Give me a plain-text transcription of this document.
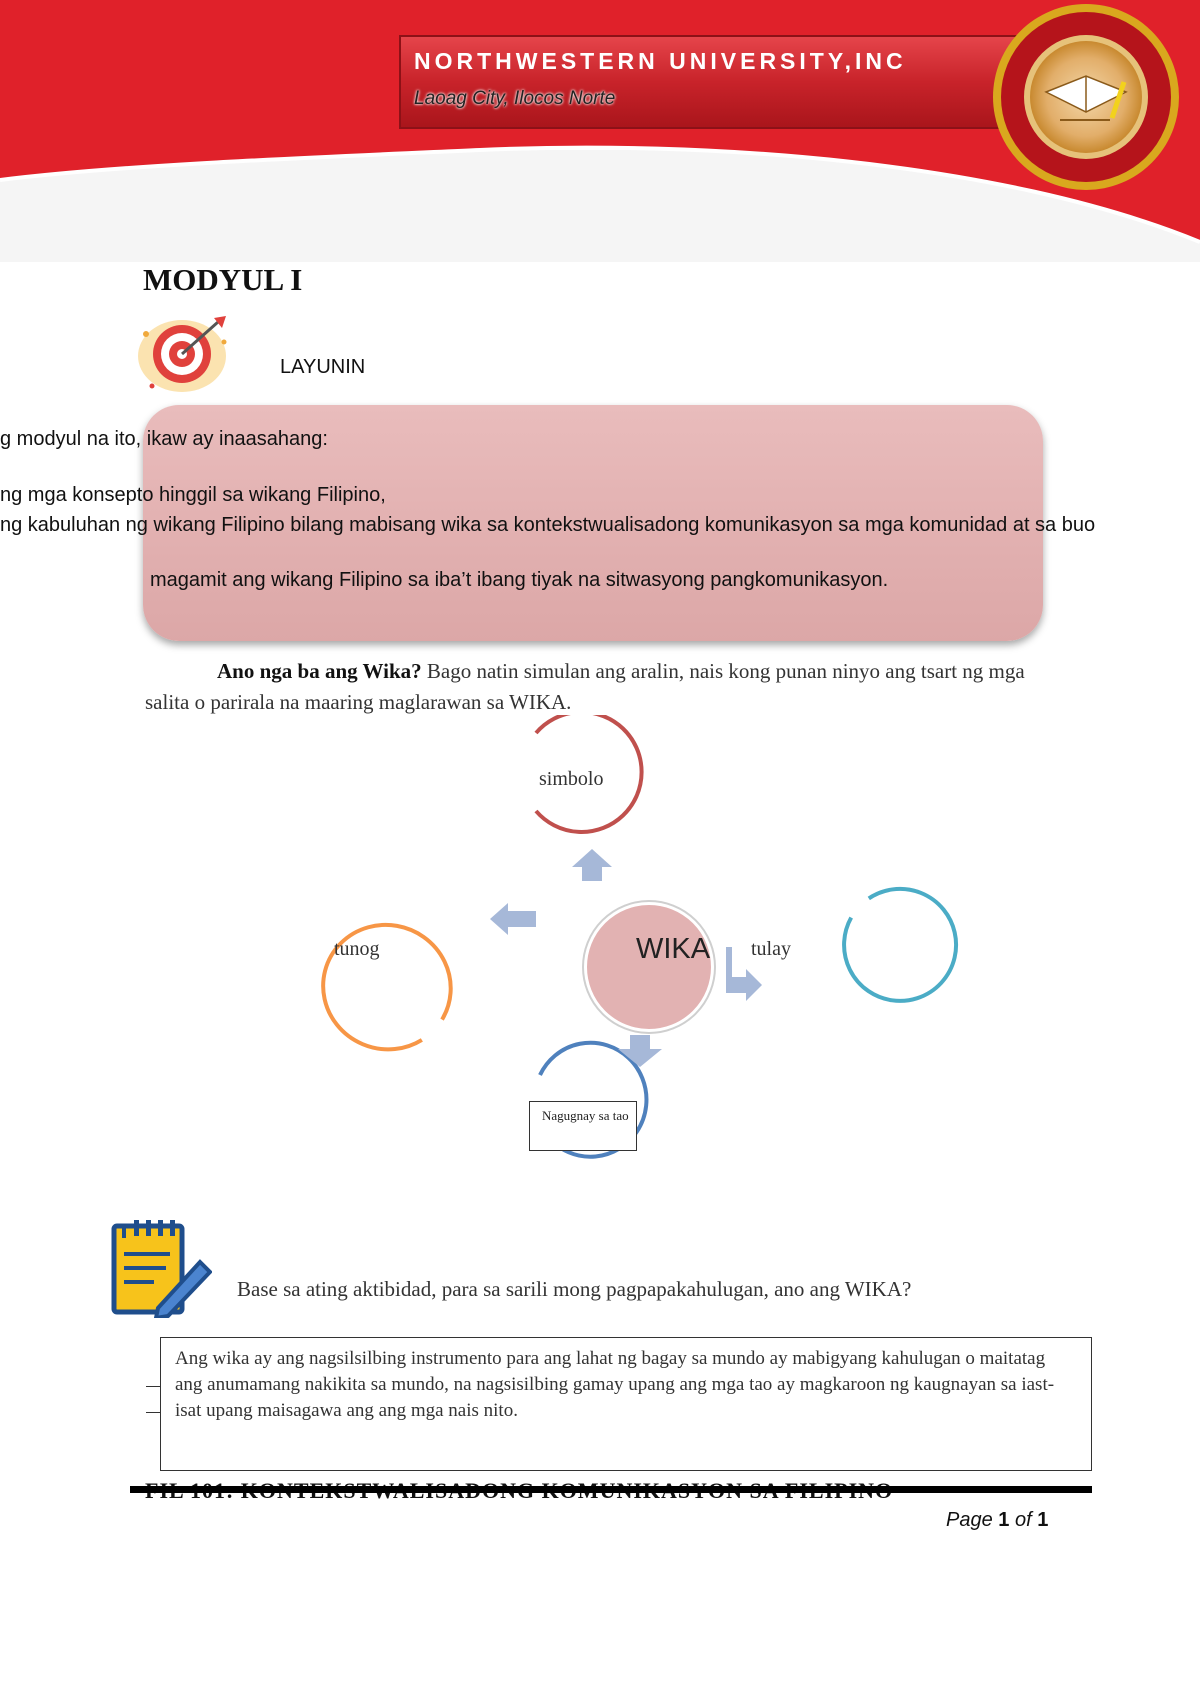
NORTHWESTERN UNIVERSITY,INC
Laoag City, Ilocos Norte
MODYUL I
LAYUNIN
g modyul na ito, ikaw ay inaasahang:
ng mga konsepto hinggil sa wikang Filipino,
ng kabuluhan ng wikang Filipino bilang mabisang wika sa kontekstwualisadong komunikasyon sa mga komunidad at sa buo
magamit ang wikang Filipino sa iba’t ibang tiyak na sitwasyong pangkomunikasyon.
Ano nga ba ang Wika? Bago natin simulan ang aralin, nais kong punan ninyo ang tsart ng mga salita o parirala na maaring maglarawan sa WIKA.
simbolo
tunog	tulay
WIKA
Nagugnay sa tao
Base sa ating aktibidad, para sa sarili mong pagpapakahulugan, ano ang WIKA?
Ang wika ay ang nagsilsilbing instrumento para ang lahat ng bagay sa mundo ay mabigyang kahulugan o maitatag ang anumamang nakikita sa mundo, na nagsisilbing gamay upang ang mga tao ay magkaroon ng kaugnayan sa iast-isat upang maisagawa ang ang mga nais nito.
Page 1 of 1
